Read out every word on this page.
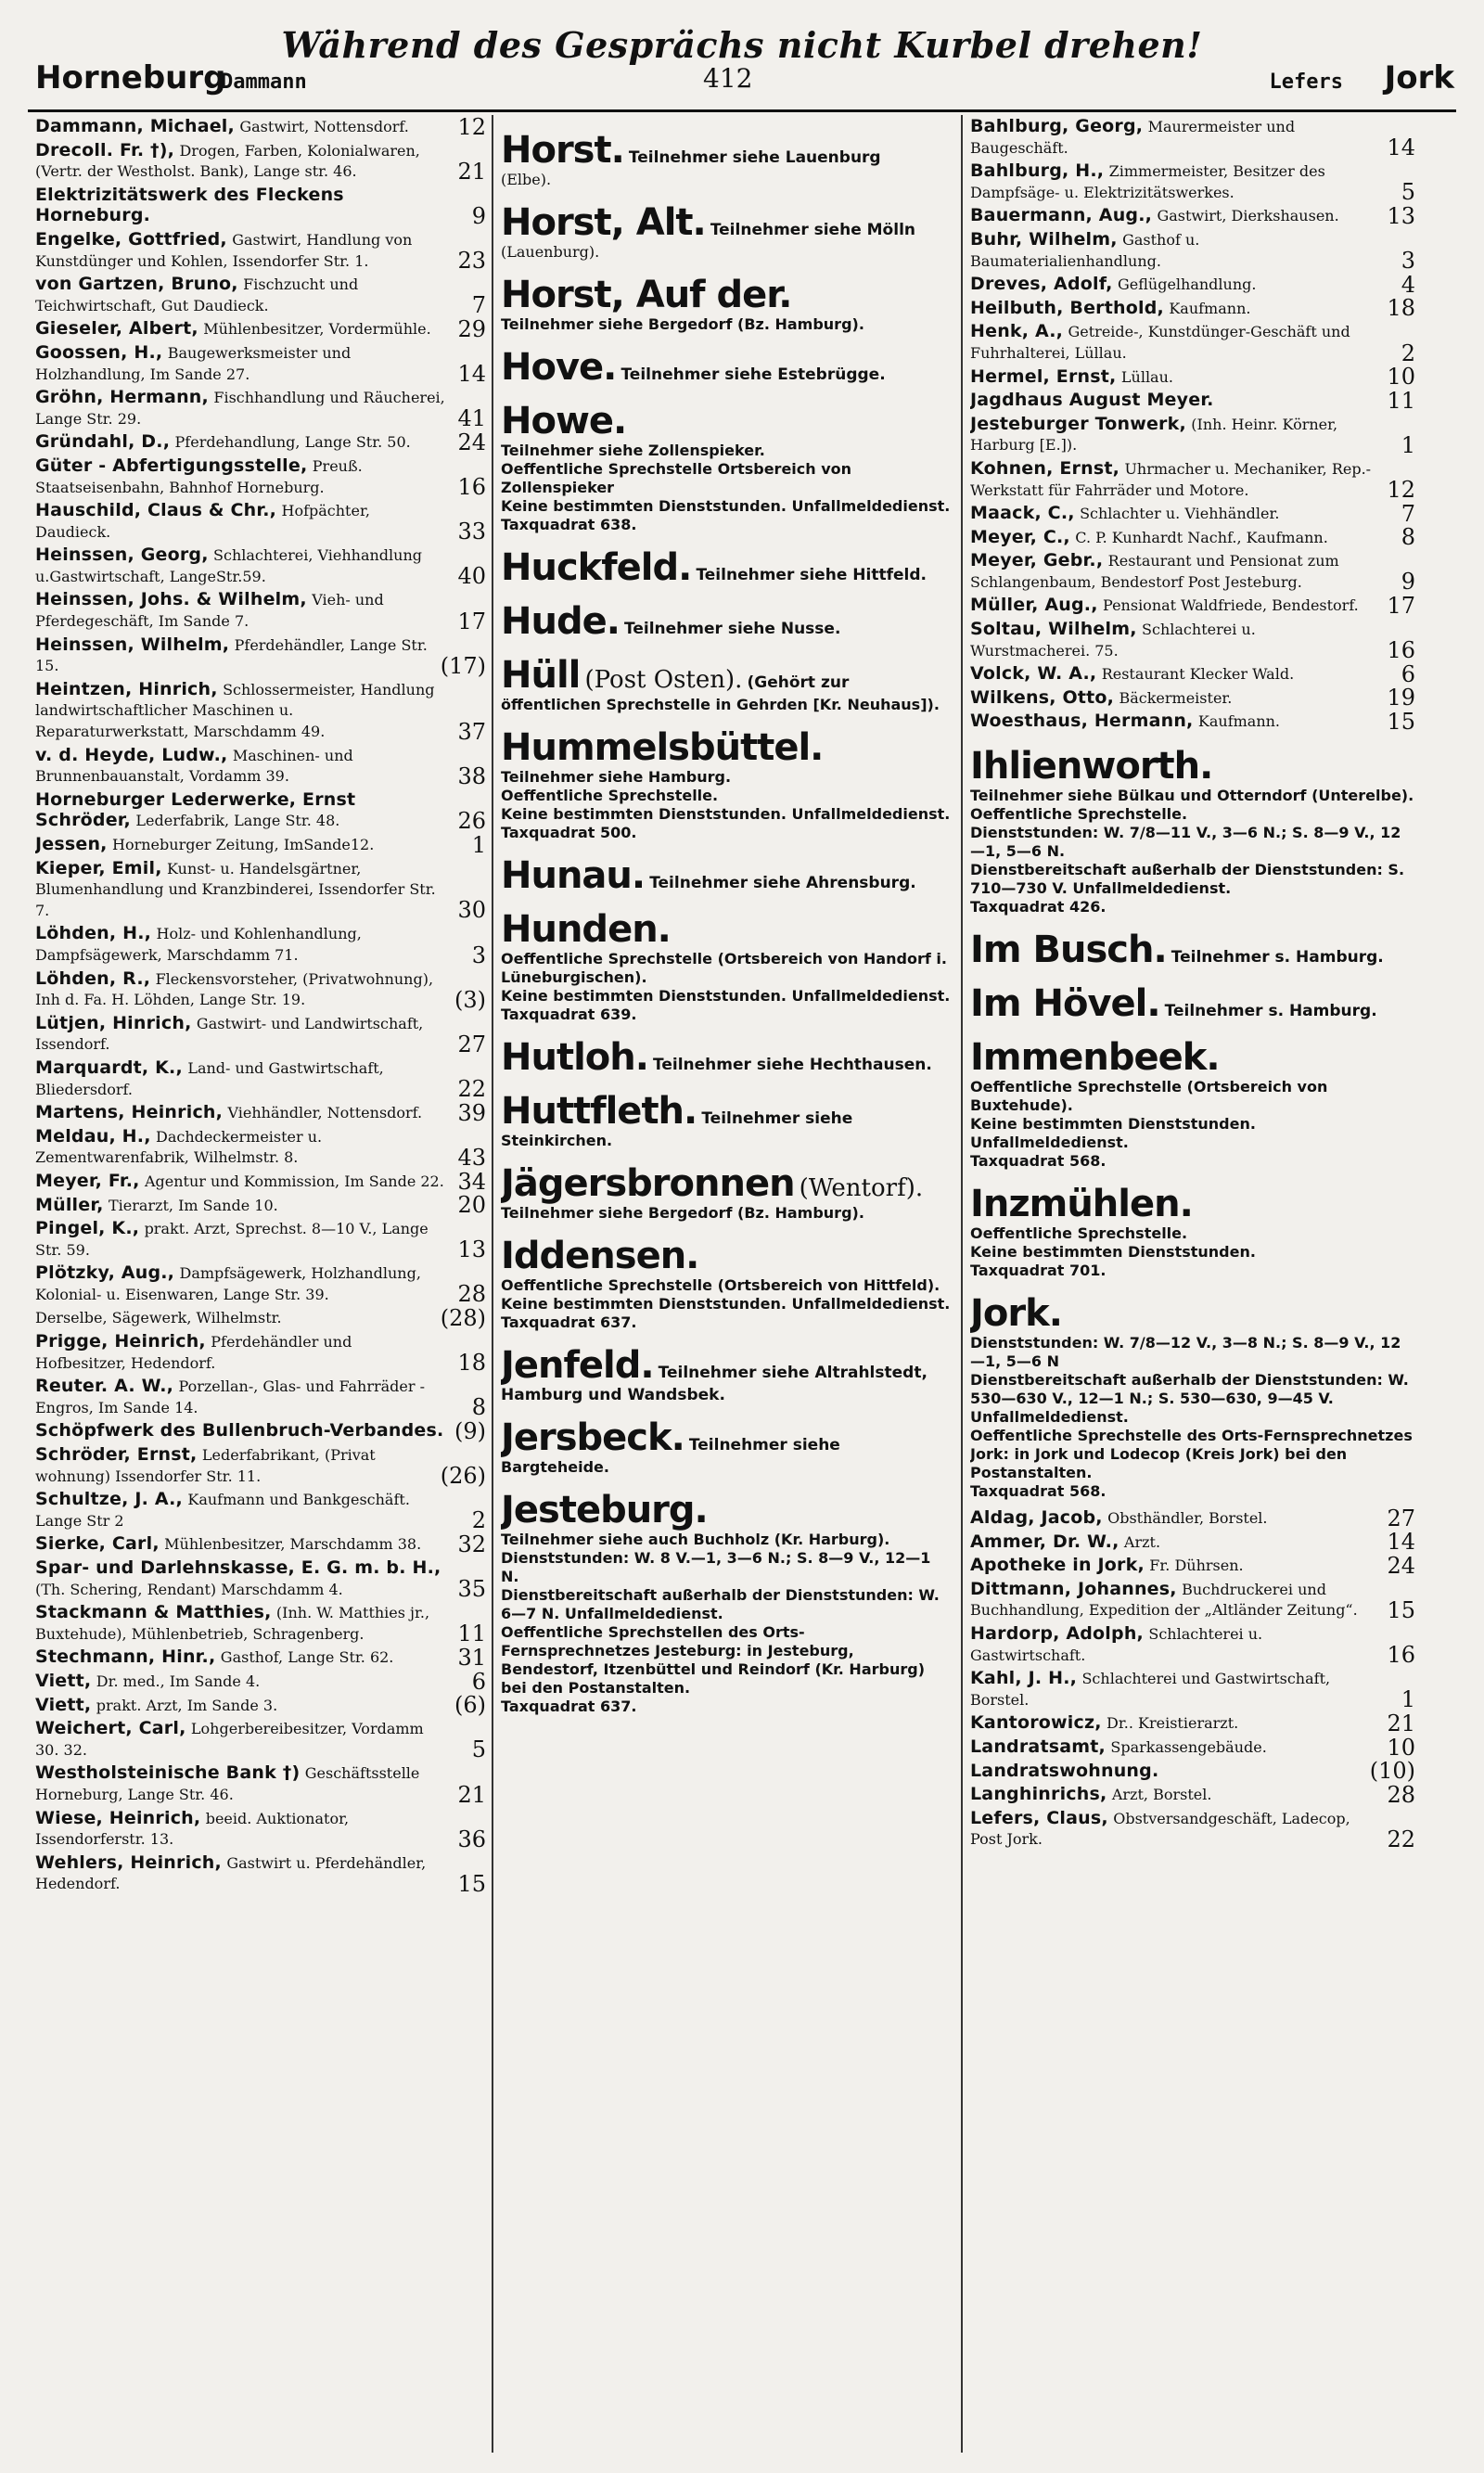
Während des Gesprächs nicht Kurbel drehen!
Horneburg
Dammann	412	Lefers Jork
Dammann, Michael, Gastwirt, Nottensdorf. 12
Drecoll. Fr. †), Drogen, Farben, Kolonialwaren, (Vertr. der Westholst. Bank), Lange str. 46.	21
Elektrizitätswerk des Fleckens Horneburg.	9
Engelke, Gottfried, Gastwirt, Handlung von Kunstdünger und Kohlen, Issendorfer Str. 1.	23
von Gartzen, Bruno, Fischzucht und Teichwirtschaft, Gut Daudieck.	7
Gieseler, Albert, Mühlenbesitzer, Vordermühle. 29
Goossen, H., Baugewerksmeister und Holzhandlung, Im Sande 27.	14
Gröhn, Hermann, Fischhandlung und Räucherei, Lange Str. 29.	41
Gründahl, D., Pferdehandlung, Lange Str. 50. 24
Güter - Abfertigungsstelle, Preuß. Staatseisenbahn, Bahnhof Horneburg.	16
Hauschild, Claus & Chr., Hofpächter, Daudieck.	33
Heinssen, Georg, Schlachterei, Viehhandlung u.Gastwirtschaft, LangeStr.59.	40
Heinssen, Johs. & Wilhelm, Vieh- und Pferdegeschäft, Im Sande 7.	17
Heinssen, Wilhelm, Pferdehändler, Lange Str. 15.	(17)
Heintzen, Hinrich, Schlossermeister, Handlung landwirtschaftlicher Maschinen u. Reparaturwerkstatt, Marschdamm 49.	37
v. d. Heyde, Ludw., Maschinen- und Brunnenbauanstalt, Vordamm 39.	38
Horneburger Lederwerke, Ernst Schröder, Lederfabrik, Lange Str. 48.	26
Jessen, Horneburger Zeitung, ImSande12.	1
Kieper, Emil, Kunst- u. Handelsgärtner, Blumenhandlung und Kranzbinderei, Issendorfer Str. 7.	30
Löhden, H., Holz- und Kohlenhandlung, Dampfsägewerk, Marschdamm 71.	3
Löhden, R., Fleckensvorsteher, (Privatwohnung), Inh d. Fa. H. Löhden, Lange Str. 19.	(3)
Lütjen, Hinrich, Gastwirt- und Landwirtschaft, Issendorf.	27
Marquardt, K., Land- und Gastwirtschaft, Bliedersdorf.	22
Martens, Heinrich, Viehhändler, Nottensdorf. 39
Meldau, H., Dachdeckermeister u. Zementwarenfabrik, Wilhelmstr. 8.	43
Meyer, Fr., Agentur und Kommission, Im Sande 22. 34
Müller, Tierarzt, Im Sande 10.	20
Pingel, K., prakt. Arzt, Sprechst. 8—10 V., Lange Str. 59.	13
Plötzky, Aug., Dampfsägewerk, Holzhandlung, Kolonial- u. Eisenwaren, Lange Str. 39.	28
Derselbe, Sägewerk, Wilhelmstr.	(28)
Prigge, Heinrich, Pferdehändler und Hofbesitzer, Hedendorf.	18
Reuter. A. W., Porzellan-, Glas- und Fahrräder - Engros, Im Sande 14.	8
Schöpfwerk des Bullenbruch-Verbandes. (9)
Schröder, Ernst, Lederfabrikant, (Privat wohnung) Issendorfer Str. 11.	(26)
Schultze, J. A., Kaufmann und Bankgeschäft. Lange Str 2	2
Sierke, Carl, Mühlenbesitzer, Marschdamm 38. 32
Spar- und Darlehnskasse, E. G. m. b. H., (Th. Schering, Rendant) Marschdamm 4.	35
Stackmann & Matthies, (Inh. W. Matthies jr., Buxtehude), Mühlenbetrieb, Schragenberg.	11
Stechmann, Hinr., Gasthof, Lange Str. 62.	31
Viett, Dr. med., Im Sande 4.	6
Viett, prakt. Arzt, Im Sande 3.	(6)
Weichert, Carl, Lohgerbereibesitzer, Vordamm 30. 32.	5
Westholsteinische Bank †) Geschäftsstelle Horneburg, Lange Str. 46.	21
Wiese, Heinrich, beeid. Auktionator, Issendorferstr. 13.	36
Wehlers, Heinrich, Gastwirt u. Pferdehändler, Hedendorf.	15
Horst. Teilnehmer siehe Lauenburg
(Elbe).
Horst, Alt. Teilnehmer siehe Mölln
(Lauenburg).
Horst, Auf der.
Teilnehmer siehe Bergedorf (Bz. Hamburg).
Hove. Teilnehmer siehe Estebrügge.
Howe.
Teilnehmer siehe Zollenspieker.
Oeffentliche Sprechstelle Ortsbereich von Zollenspieker
Keine bestimmten Dienststunden. Unfallmeldedienst.
Taxquadrat 638.
Huckfeld. Teilnehmer siehe Hittfeld.
Hude. Teilnehmer siehe Nusse.
Hüll (Post Osten). (Gehört zur
öffentlichen Sprechstelle in Gehrden [Kr. Neuhaus]).
Hummelsbüttel.
Teilnehmer siehe Hamburg.
Oeffentliche Sprechstelle.
Keine bestimmten Dienststunden. Unfallmeldedienst.
Taxquadrat 500.
Hunau. Teilnehmer siehe Ahrensburg.
Hunden.
Oeffentliche Sprechstelle (Ortsbereich von Handorf i. Lüneburgischen).
Keine bestimmten Dienststunden. Unfallmeldedienst.
Taxquadrat 639.
Hutloh. Teilnehmer siehe Hechthausen.
Huttfleth. Teilnehmer siehe
Steinkirchen.
Jägersbronnen (Wentorf).
Teilnehmer siehe Bergedorf (Bz. Hamburg).
Iddensen.
Oeffentliche Sprechstelle (Ortsbereich von Hittfeld).
Keine bestimmten Dienststunden. Unfallmeldedienst.
Taxquadrat 637.
Jenfeld. Teilnehmer siehe Altrahlstedt, Hamburg und Wandsbek.
Jersbeck. Teilnehmer siehe
Bargteheide.
Jesteburg.
Teilnehmer siehe auch Buchholz (Kr. Harburg).
Dienststunden: W. 8 V.—1, 3—6 N.; S. 8—9 V., 12—1 N.
Dienstbereitschaft außerhalb der Dienststunden: W. 6—7 N. Unfallmeldedienst.
Oeffentliche Sprechstellen des Orts-Fernsprechnetzes Jesteburg: in Jesteburg, Bendestorf, Itzenbüttel und Reindorf (Kr. Harburg) bei den Postanstalten.
Taxquadrat 637.
Bahlburg, Georg, Maurermeister und Baugeschäft.	14
Bahlburg, H., Zimmermeister, Besitzer des Dampfsäge- u. Elektrizitätswerkes.	5
Bauermann, Aug., Gastwirt, Dierkshausen. 13
Buhr, Wilhelm, Gasthof u. Baumaterialienhandlung.	3
Dreves, Adolf, Geflügelhandlung.	4
Heilbuth, Berthold, Kaufmann.	18
Henk, A., Getreide-, Kunstdünger-Geschäft und Fuhrhalterei, Lüllau.	2
Hermel, Ernst, Lüllau.	10
Jagdhaus August Meyer.	11
Jesteburger Tonwerk, (Inh. Heinr. Körner, Harburg [E.]).	1
Kohnen, Ernst, Uhrmacher u. Mechaniker, Rep.-Werkstatt für Fahrräder und Motore.	12
Maack, C., Schlachter u. Viehhändler.	7
Meyer, C., C. P. Kunhardt Nachf., Kaufmann.	8
Meyer, Gebr., Restaurant und Pensionat zum Schlangenbaum, Bendestorf Post Jesteburg.	9
Müller, Aug., Pensionat Waldfriede, Bendestorf. 17
Soltau, Wilhelm, Schlachterei u. Wurstmacherei. 75.	16
Volck, W. A., Restaurant Klecker Wald.	6
Wilkens, Otto, Bäckermeister.	19
Woesthaus, Hermann, Kaufmann.	15
Ihlienworth.
Teilnehmer siehe Bülkau und Otterndorf (Unterelbe).
Oeffentliche Sprechstelle.
Dienststunden: W. 7/8—11 V., 3—6 N.; S. 8—9 V., 12—1, 5—6 N.
Dienstbereitschaft außerhalb der Dienststunden: S. 710—730 V. Unfallmeldedienst.
Taxquadrat 426.
Im Busch. Teilnehmer s. Hamburg.
Im Hövel. Teilnehmer s. Hamburg.
Immenbeek.
Oeffentliche Sprechstelle (Ortsbereich von Buxtehude).
Keine bestimmten Dienststunden. Unfallmeldedienst.
Taxquadrat 568.
Inzmühlen.
Oeffentliche Sprechstelle.
Keine bestimmten Dienststunden.
Taxquadrat 701.
Jork.
Dienststunden: W. 7/8—12 V., 3—8 N.; S. 8—9 V., 12—1, 5—6 N
Dienstbereitschaft außerhalb der Dienststunden: W. 530—630 V., 12—1 N.; S. 530—630, 9—45 V. Unfallmeldedienst.
Oeffentliche Sprechstelle des Orts-Fernsprechnetzes Jork: in Jork und Lodecop (Kreis Jork) bei den Postanstalten.
Taxquadrat 568.
Aldag, Jacob, Obsthändler, Borstel.	27
Ammer, Dr. W., Arzt.	14
Apotheke in Jork, Fr. Dührsen.	24
Dittmann, Johannes, Buchdruckerei und Buchhandlung, Expedition der „Altländer Zeitung“. 15
Hardorp, Adolph, Schlachterei u. Gastwirtschaft.	16
Kahl, J. H., Schlachterei und Gastwirtschaft, Borstel.	1
Kantorowicz, Dr.. Kreistierarzt.	21
Landratsamt, Sparkassengebäude.	10
Landratswohnung.	(10)
Langhinrichs, Arzt, Borstel.	28
Lefers, Claus, Obstversandgeschäft, Ladecop, Post Jork.	22
